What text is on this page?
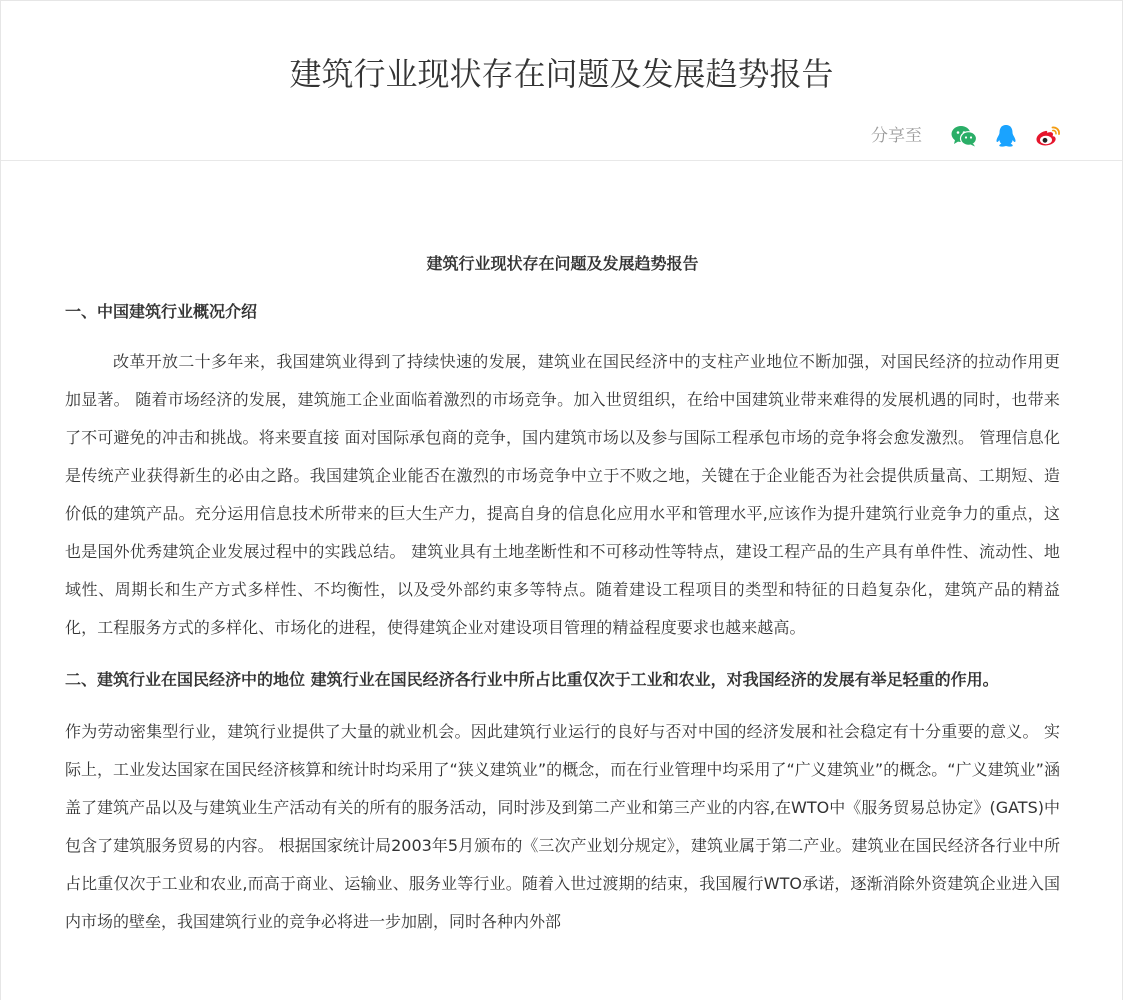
建筑行业现状存在问题及发展趋势报告
分享至
建筑行业现状存在问题及发展趋势报告
一、中国建筑行业概况介绍
改革开放二十多年来，我国建筑业得到了持续快速的发展，建筑业在国民经济中的支柱产业地位不断加强，对国民经济的拉动作用更加显著。 随着市场经济的发展，建筑施工企业面临着激烈的市场竞争。加入世贸组织，在给中国建筑业带来难得的发展机遇的同时，也带来了不可避免的冲击和挑战。将来要直接 面对国际承包商的竞争，国内建筑市场以及参与国际工程承包市场的竞争将会愈发激烈。 管理信息化是传统产业获得新生的必由之路。我国建筑企业能否在激烈的市场竞争中立于不败之地，关键在于企业能否为社会提供质量高、工期短、造价低的建筑产品。充分运用信息技术所带来的巨大生产力，提高自身的信息化应用水平和管理水平,应该作为提升建筑行业竞争力的重点，这也是国外优秀建筑企业发展过程中的实践总结。 建筑业具有土地垄断性和不可移动性等特点，建设工程产品的生产具有单件性、流动性、地域性、周期长和生产方式多样性、不均衡性，以及受外部约束多等特点。随着建设工程项目的类型和特征的日趋复杂化，建筑产品的精益化，工程服务方式的多样化、市场化的进程，使得建筑企业对建设项目管理的精益程度要求也越来越高。
二、建筑行业在国民经济中的地位 建筑行业在国民经济各行业中所占比重仅次于工业和农业，对我国经济的发展有举足轻重的作用。
作为劳动密集型行业，建筑行业提供了大量的就业机会。因此建筑行业运行的良好与否对中国的经济发展和社会稳定有十分重要的意义。 实际上，工业发达国家在国民经济核算和统计时均采用了“狭义建筑业”的概念，而在行业管理中均采用了“广义建筑业”的概念。“广义建筑业”涵盖了建筑产品以及与建筑业生产活动有关的所有的服务活动，同时涉及到第二产业和第三产业的内容,在WTO中《服务贸易总协定》(GATS)中包含了建筑服务贸易的内容。 根据国家统计局2003年5月颁布的《三次产业划分规定》，建筑业属于第二产业。建筑业在国民经济各行业中所占比重仅次于工业和农业,而高于商业、运输业、服务业等行业。随着入世过渡期的结束，我国履行WTO承诺，逐渐消除外资建筑企业进入国内市场的壁垒，我国建筑行业的竞争必将进一步加剧，同时各种内外部
